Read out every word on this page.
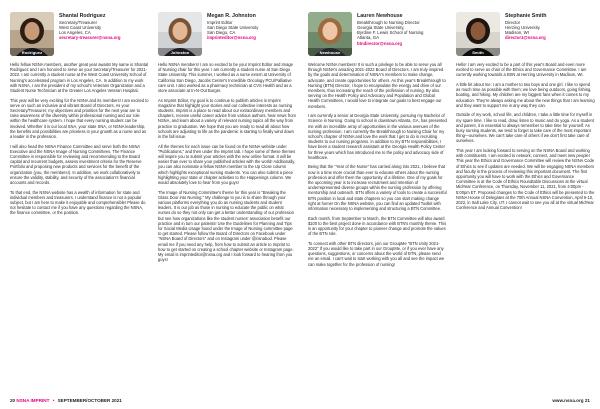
Rodriguez
Shantal Rodriguez
Secretary/Treasurer
West Coast University
Los Angeles, CA
secretary-treasurer@nsna.org

Hello fellow NSNA members, another great year awaits! My name is Shantal Rodriguez and I am honored to serve as your Secretary/Treasurer for 2021-2022. I am currently a student nurse at the West Coast University School of Nursing's accelerated program in Los Angeles, CA. In addition to my work with NSNA, I am the president of my school's Veterans Organization and a Student Nurse Technician at the Greater Los Angeles Veteran Hospital.

This year will be very exciting for the NSNA and its members! I am excited to serve on such an inclusive and vibrant Board of Directors. As your Secretary/Treasurer, my objectives and priorities for the next year are to raise awareness of the diversity within professional nursing and our role within the healthcare system. I hope that every nursing student can be involved. Whether it is our local SNA, your state SNA, or NSNA leadership, the benefits and possibilities are priceless in your growth as a nurse and as a leader in the profession.

I will also head the NSNA Finance Committee and serve both the NSNA Executive and the NSNA Image of Nursing Committees. The Finance Committee is responsible for reviewing and recommending to the Board capital and recurrent budgets, assess investment criteria for the Reserve Portfolio and proposing new products and services for the benefit of the organization (you, the members!). In addition, we work collaboratively to ensure the validity, stability, and security of the association's financial accounts and records.

To that end, the NSNA website has a wealth of information for state and individual members and treasurers. I understand finance is not a popular subject, but I am here to make it enjoyable and comprehensible! Please do not hesitate to contact me if you have any questions regarding the NSNA, the finance committee, or the position.

Johnston
Megan R. Johnston
Imprint Editor
San Diego State University
San Diego, CA
imprinteditor@nsna.org

Hello NSNA members! I am so excited to be your Imprint Editor and Image of Nursing chair for this year. I am currently a student nurse at San Diego State University. This summer, I worked as a nurse extern at University of California San Diego, Jacobs Center's Incredible Oncology PCU/Palliative care unit. I also worked as a pharmacy technician at CVS Health and as a store associate at In-N-Out Burger.

As Imprint Editor, my goal is to continue to publish articles in Imprint magazine that highlight your stories and our collective interests as nursing students. Imprint is a place to read about our extraordinary members and chapters, receive useful career advice from various authors, hear news from NSNA, and learn about a variety of relevant nursing topics all the way from practice to graduation. We hope that you are ready to read all about how schools are adjusting to life as the pandemic is starting to finally wind down in the fall issue.

All the themes for each issue can be found on the NSNA website under "Publications," and then under the Imprint tab. I hope some of these themes will inspire you to submit your articles with the new online format. It will be easier than ever to share your published articles with the world! Additionally, you can also nominate a fellow NSNA member to the Up Close column which highlights exceptional nursing students. You can also submit a piece highlighting your state or chapter activities to the Happenings column. We would absolutely love to hear from you guys!

The Image of Nursing Committee's theme for this year is "Breaking the Glass Door into Nursing." My challenge to you is to share through your various platforms everything you do as nursing students and student leaders. It is our job as those in nursing to educate the public on what nurses do so they not only can get a better understanding of our profession but see how organizations like the student nurses' association benefit our practice and in turn our patients! Use the Guidelines for Planning and Tips for Social Media Usage found under the Image of Nursing committee page to get started. Please follow the Board of Directors on Facebook under "NSNA Board of Directors" and on Instagram under @nsnabod. Please email me if you need any help, from how to submit an article to Imprint to how to get started on creating a school chapter website or Instagram page. My email is imprinteditor@nsna.org and I look forward to hearing from you guys!

Newhouse
Lauren Newhouse
Breakthrough to Nursing Director
Georgia State University,
Byrdine F. Lewis School of Nursing
Atlanta, GA
btndirector@nsna.org

Welcome NSNA members! It is such a privilege to be able to serve you all through NSNA's amazing 2021-2022 Board of Directors. I am truly inspired by the goals and determination of NSNA's members to make change, advocate, and create opportunities for others. As this year's Breakthrough to Nursing (BTN) Director, I hope to encapsulate the energy and drive of our members, thus increasing the reach of the profession of nursing. By also serving on the Health Policy and Advocacy and Population and Global Health Committees, I would love to integrate our goals to best engage our members.

I am currently a senior at Georgia State University, pursuing my Bachelor of Science in Nursing. Going to school in downtown Atlanta, GA, has presented me with an incredible array of opportunities in the various avenues of the nursing profession. I am currently the Breakthrough to Nursing Chair for my school's chapter of NSNA and love the work that I get to do in recruiting students to our nursing programs. In addition to my BTN responsibilities, I have been a student research assistant at the Georgia Health Policy Center for three years which has introduced me to the policy and advocacy side of healthcare.

Being that the "Year of the Nurse" has carried along into 2021, I believe that now is a time more crucial than ever to educate others about the nursing profession and offer them the opportunity of a lifetime. One of my goals for the upcoming year is to increase recruitment and retention of underrepresented diverse groups within the nursing profession by offering mentorship and outreach. BTN offers a variety of tools to create a successful BTN position in local and state chapters so you can start making change right at home! On the NSNA website, you can find an updated Toolkit with information necessary to implementing and structuring a BTN Committee.

Each month, from September to March, the BTN Committee will also award $100 to the best project done in accordance with BTN's monthly theme. This is an opportunity for your chapter to pioneer change and promote the values of the BTN role.

To connect with other BTN directors, join our GroupMe "BTN Unity 2021-2022" If you would like to take part in our GroupMe, or if you ever have any questions, suggestions, or concerns about the world of BTN, please send me an email. I can't wait to start working with you all and see the impact we can make together for the profession of nursing!

Smith
Stephanie Smith
Director
Herzing University
Madison, WI
director1@nsna.org

Hello! I am very excited to be a part of this year's Board and even more excited to serve as chair of the Ethics and Governance Committee. I am currently working towards a BSN at Herzing University in Madison, WI.

A little bit about me: I am a mother to two boys and one girl. I like to spend as much time as possible with them; we love being outdoors, going fishing, boating, and hiking. My children are my biggest fans when it comes to my education. They're always asking me about the new things that I am learning and they want to support me in any way they can.

Outside of my work, school life, and children, I take a little time for myself in my spare time. I like to read, draw, listen to music and do yoga. As a student and parent, it is essential to always remember to take time for yourself. As busy nursing students, we tend to forget to take care of the most important thing—ourselves. We can't take care of others if we don't first take care of ourselves.

This year I am looking forward to serving on the NSNA Board and working with constituents. I am excited to network, connect, and meet new people! This year the Ethics and Governance Committee will review the NSNA Code of Ethics to see if updates are needed. We will be engaging NSNA members and faculty in the process of reviewing this important document. The first opportunity you will have to work with the Ethics and Governance Committee is at the Code of Ethics Roundtable Discussions at the virtual MidYear Conference, on Thursday, November 11, 2021, from 4:00pm - 5:00pm ET. Proposed changes to the Code of Ethics will be presented to the NSNA House of Delegates at the 70th Annual NSNA Convention, April 6-10, 2022, in Salt Lake City, UT. I cannot wait to see you all at the virtual MidYear Conference and Annual Convention!

20 NSNA IMPRINT • SEPTEMBER/OCTOBER 2021	www.nsna.org 21
